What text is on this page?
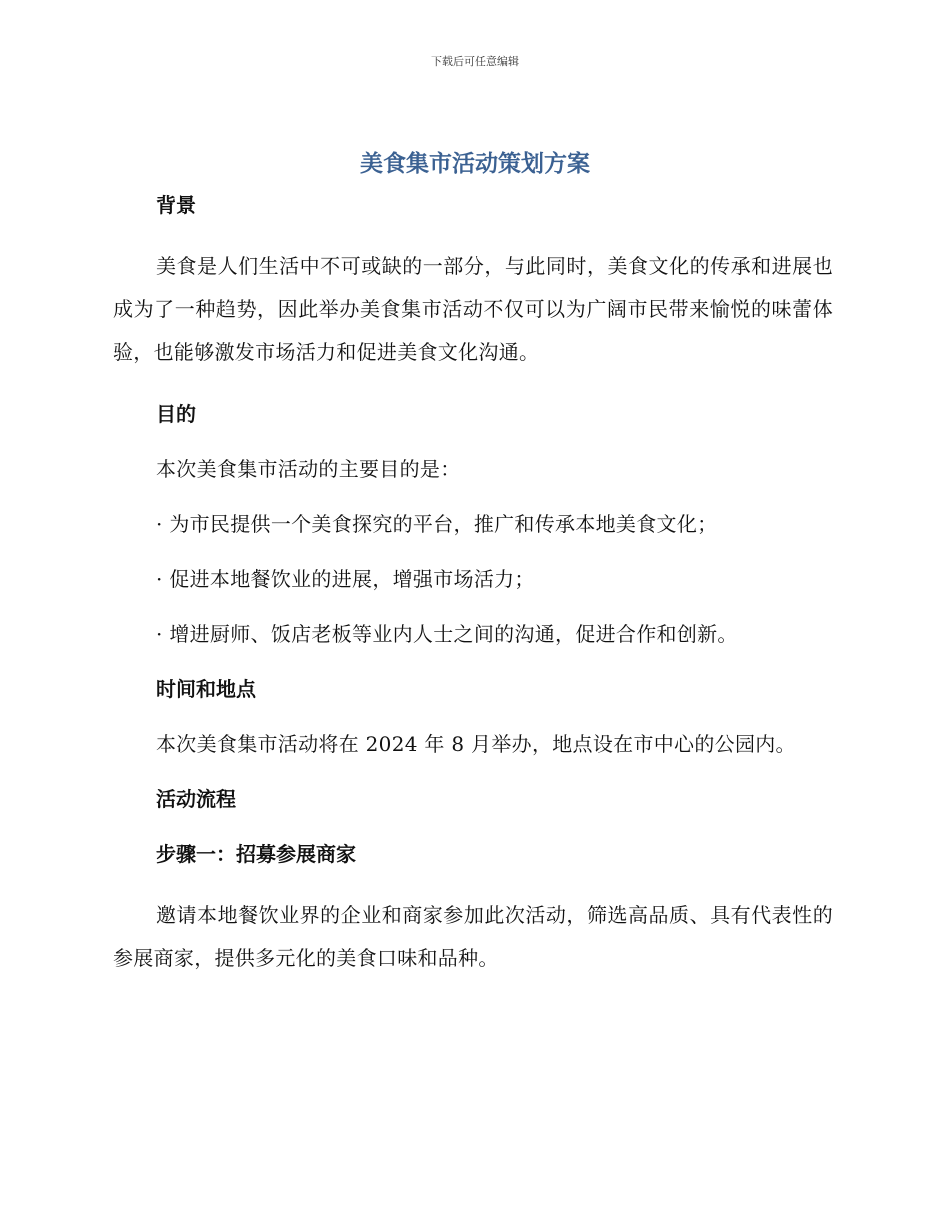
下载后可任意编辑
美食集市活动策划方案

背景

美食是人们生活中不可或缺的一部分，与此同时，美食文化的传承和进展也成为了一种趋势，因此举办美食集市活动不仅可以为广阔市民带来愉悦的味蕾体验，也能够激发市场活力和促进美食文化沟通。

目的

本次美食集市活动的主要目的是：

· 为市民提供一个美食探究的平台，推广和传承本地美食文化；

· 促进本地餐饮业的进展，增强市场活力；

· 增进厨师、饭店老板等业内人士之间的沟通，促进合作和创新。

时间和地点

本次美食集市活动将在 2024 年 8 月举办，地点设在市中心的公园内。

活动流程

步骤一：招募参展商家

邀请本地餐饮业界的企业和商家参加此次活动，筛选高品质、具有代表性的参展商家，提供多元化的美食口味和品种。
